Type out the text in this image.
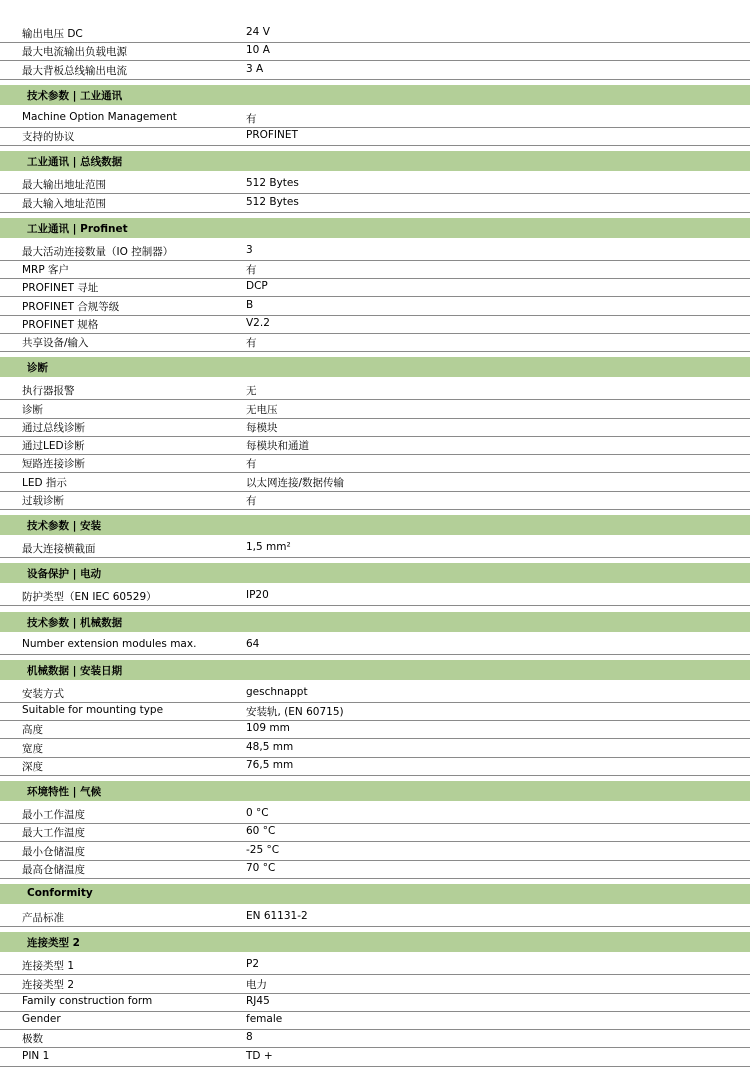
输出电压 DC	24 V
最大电流输出负载电源	10 A
最大背板总线输出电流	3 A
技术参数 | 工业通讯
Machine Option Management	有
支持的协议	PROFINET
工业通讯 | 总线数据
最大输出地址范围	512 Bytes
最大输入地址范围	512 Bytes
工业通讯 | Profinet
最大活动连接数量（IO 控制器）	3
MRP 客户	有
PROFINET 寻址	DCP
PROFINET 合规等级	B
PROFINET 规格	V2.2
共享设备/输入	有
诊断
执行器报警	无
诊断	无电压
通过总线诊断	每模块
通过LED诊断	每模块和通道
短路连接诊断	有
LED 指示	以太网连接/数据传输
过载诊断	有
技术参数 | 安装
最大连接横截面	1,5 mm²
设备保护 | 电动
防护类型（EN IEC 60529）	IP20
技术参数 | 机械数据
Number extension modules max.	64
机械数据 | 安装日期
安装方式	geschnappt
Suitable for mounting type	安装轨, (EN 60715)
高度	109 mm
宽度	48,5 mm
深度	76,5 mm
环境特性 | 气候
最小工作温度	0 °C
最大工作温度	60 °C
最小仓储温度	-25 °C
最高仓储温度	70 °C
Conformity
产品标准	EN 61131-2
连接类型 2
连接类型 1	P2
连接类型 2	电力
Family construction form	RJ45
Gender	female
极数	8
PIN 1	TD +
